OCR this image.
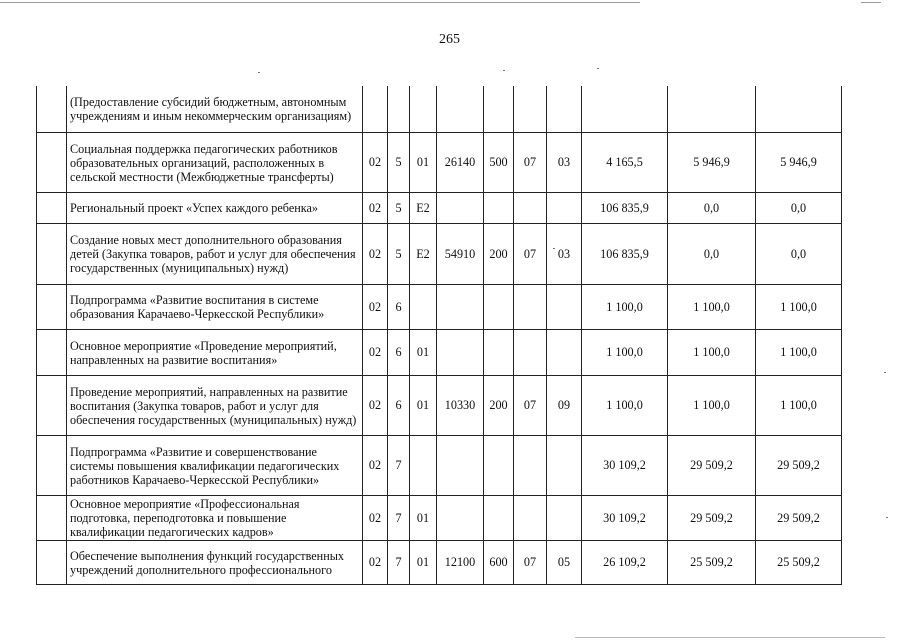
265
	(Предоставление субсидий бюджетным, автономным учреждениям и иным некоммерческим организациям)										
	Социальная поддержка педагогических работников образовательных организаций, расположенных в сельской местности (Межбюджетные трансферты)	02	5	01	26140	500	07	03	4 165,5	5 946,9	5 946,9
	Региональный проект «Успех каждого ребенка»	02	5	E2					106 835,9	0,0	0,0
	Создание новых мест дополнительного образования детей (Закупка товаров, работ и услуг для обеспечения государственных (муниципальных) нужд)	02	5	E2	54910	200	07	03	106 835,9	0,0	0,0
	Подпрограмма «Развитие воспитания в системе образования Карачаево-Черкесской Республики»	02	6						1 100,0	1 100,0	1 100,0
	Основное мероприятие «Проведение мероприятий, направленных на развитие воспитания»	02	6	01					1 100,0	1 100,0	1 100,0
	Проведение мероприятий, направленных на развитие воспитания (Закупка товаров, работ и услуг для обеспечения государственных (муниципальных) нужд)	02	6	01	10330	200	07	09	1 100,0	1 100,0	1 100,0
	Подпрограмма «Развитие и совершенствование системы повышения квалификации педагогических работников Карачаево-Черкесской Республики»	02	7						30 109,2	29 509,2	29 509,2
	Основное мероприятие «Профессиональная подготовка, переподготовка и повышение квалификации педагогических кадров»	02	7	01					30 109,2	29 509,2	29 509,2
	Обеспечение выполнения функций государственных учреждений дополнительного профессионального	02	7	01	12100	600	07	05	26 109,2	25 509,2	25 509,2
